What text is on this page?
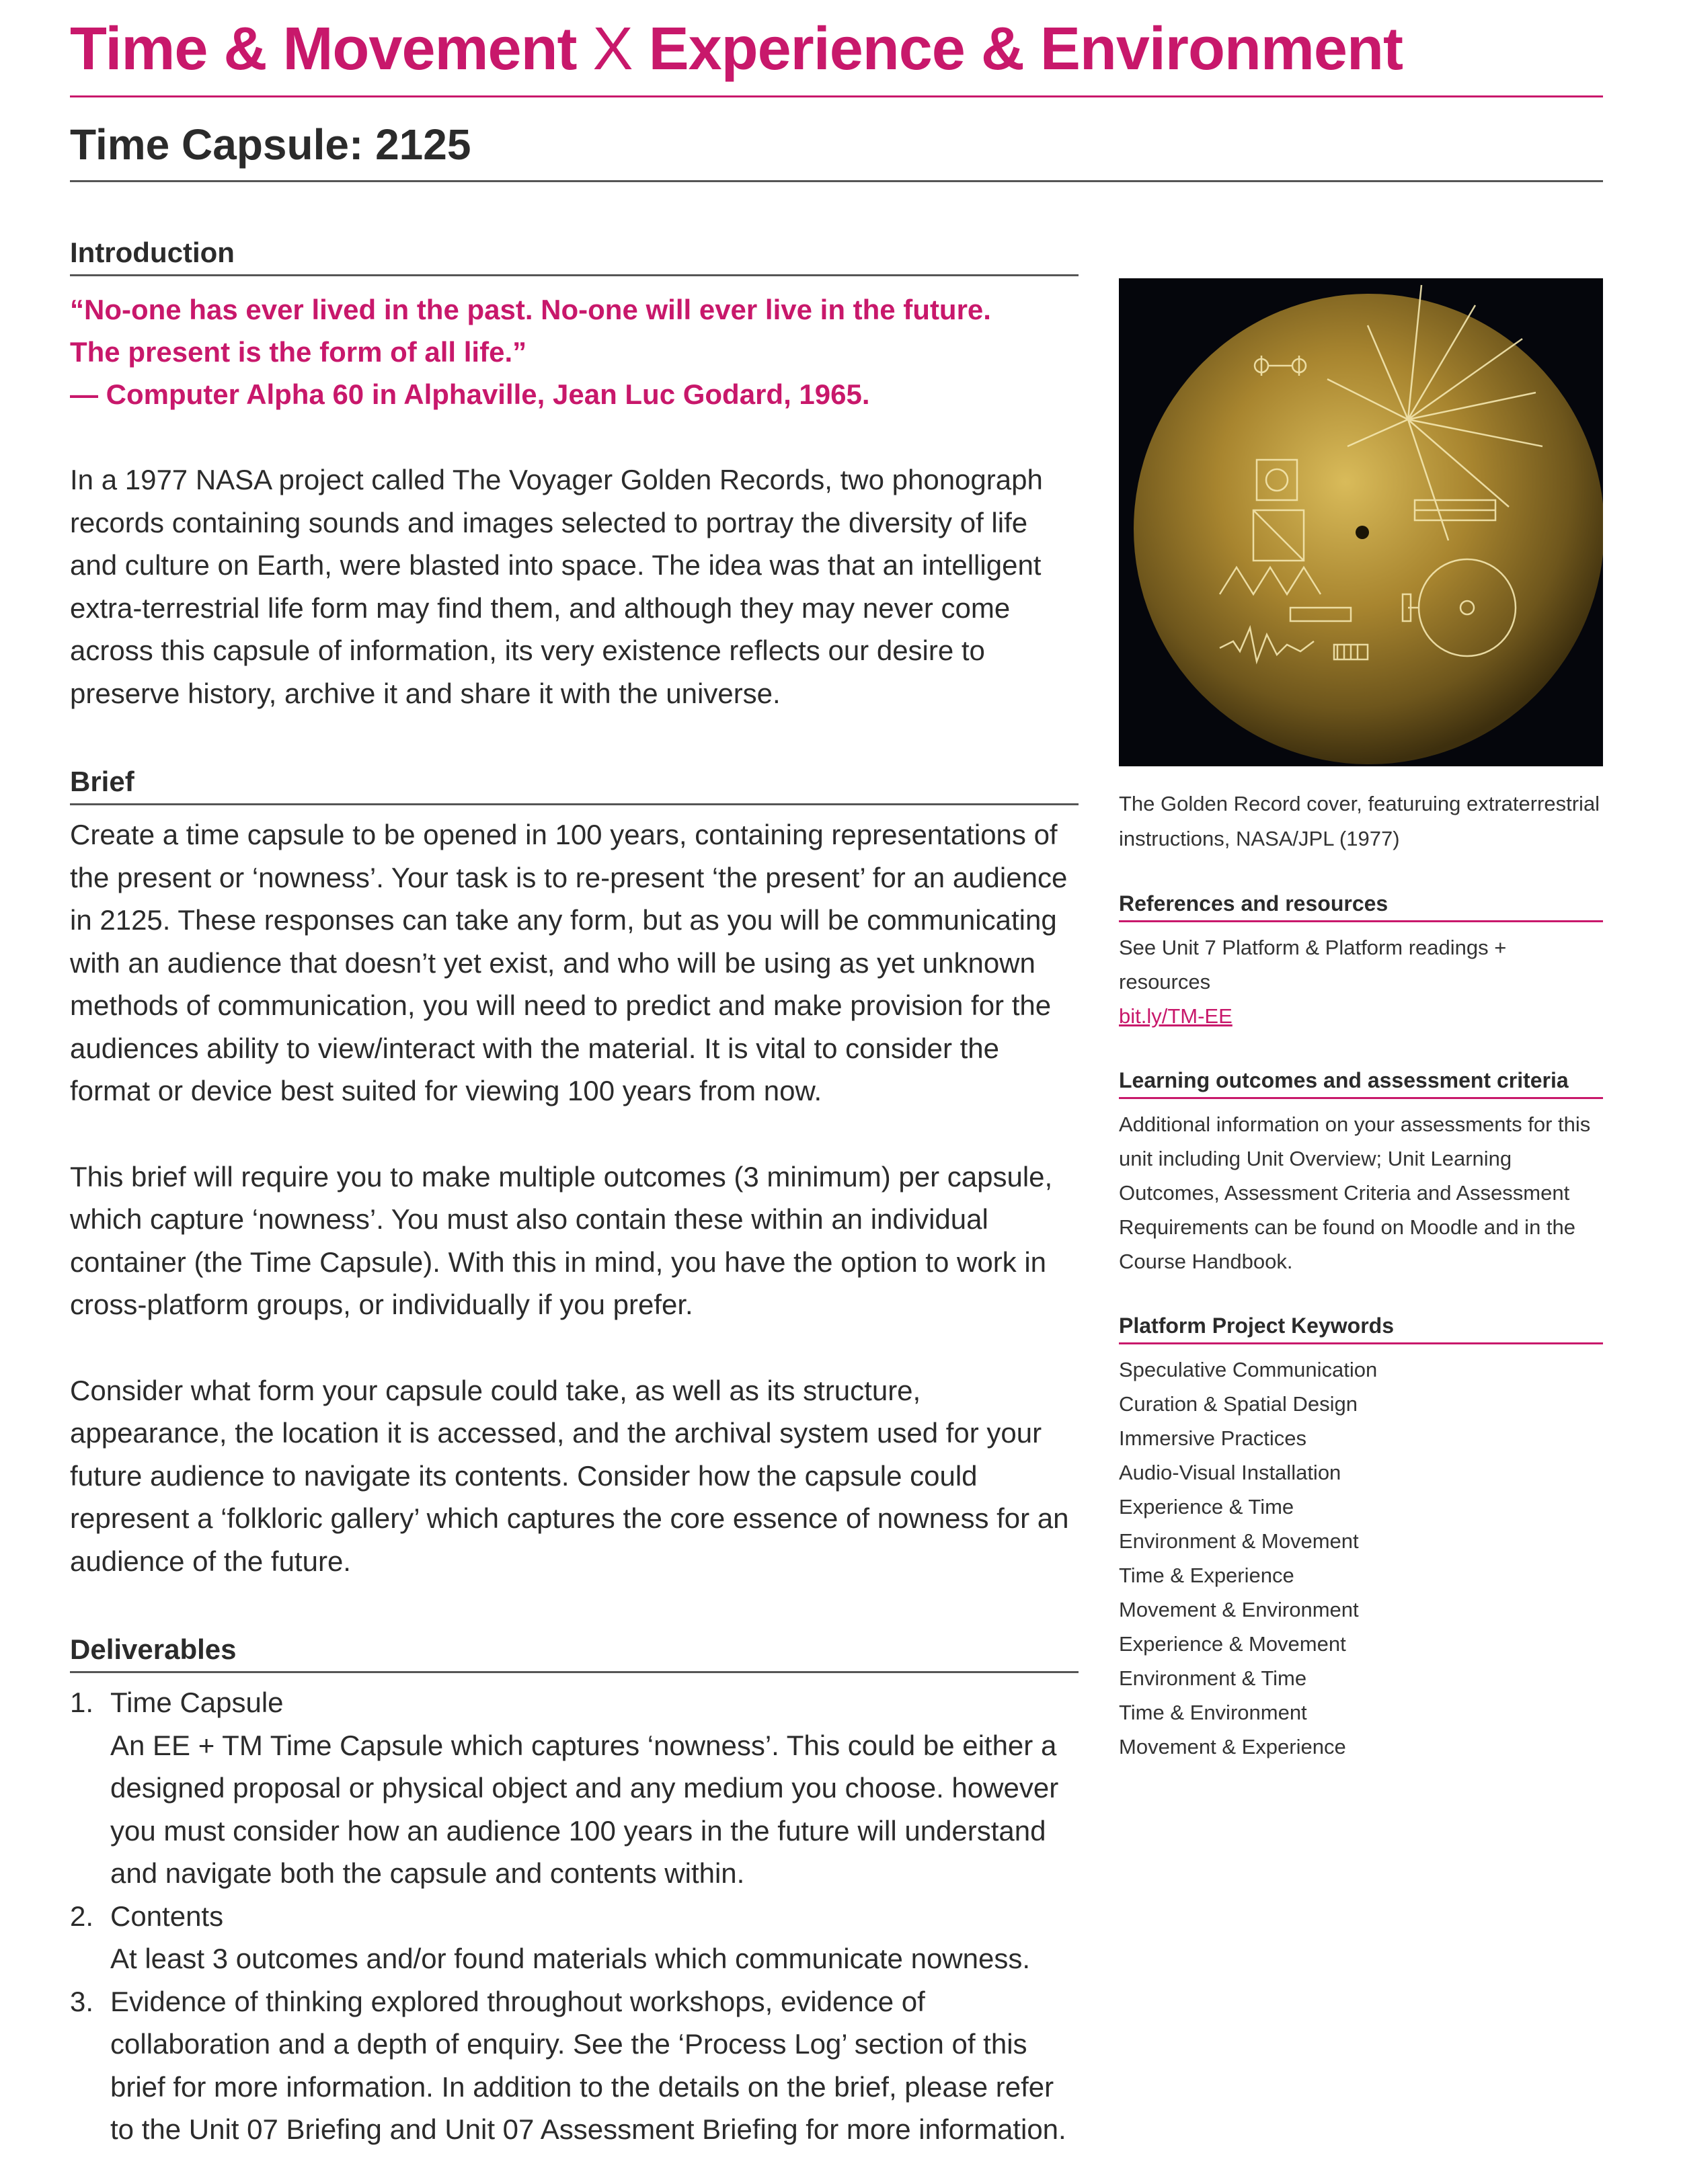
Time & Movement X Experience & Environment
Time Capsule: 2125
Introduction

“No-one has ever lived in the past. No-one will ever live in the future.
The present is the form of all life.”
— Computer Alpha 60 in Alphaville, Jean Luc Godard, 1965.

In a 1977 NASA project called The Voyager Golden Records, two phonograph records containing sounds and images selected to portray the diversity of life and culture on Earth, were blasted into space. The idea was that an intelligent extra-terrestrial life form may find them, and although they may never come across this capsule of information, its very existence reflects our desire to preserve history, archive it and share it with the universe.

Brief

Create a time capsule to be opened in 100 years, containing representations of the present or ‘nowness’. Your task is to re-present ‘the present’ for an audience in 2125. These responses can take any form, but as you will be communicating with an audience that doesn’t yet exist, and who will be using as yet unknown methods of communication, you will need to predict and make provision for the audiences ability to view/interact with the material. It is vital to consider the format or device best suited for viewing 100 years from now.

This brief will require you to make multiple outcomes (3 minimum) per capsule, which capture ‘nowness’. You must also contain these within an individual container (the Time Capsule). With this in mind, you have the option to work in cross-platform groups, or individually if you prefer.

Consider what form your capsule could take, as well as its structure, appearance, the location it is accessed, and the archival system used for your future audience to navigate its contents. Consider how the capsule could represent a ‘folkloric gallery’ which captures the core essence of nowness for an audience of the future.

Deliverables
1. Time Capsule
An EE + TM Time Capsule which captures ‘nowness’. This could be either a designed proposal or physical object and any medium you choose. however you must consider how an audience 100 years in the future will understand and navigate both the capsule and contents within.
2. Contents
At least 3 outcomes and/or found materials which communicate nowness.
3. Evidence of thinking explored throughout workshops, evidence of collaboration and a depth of enquiry. See the ‘Process Log’ section of this brief for more information. In addition to the details on the brief, please refer to the Unit 07 Briefing and Unit 07 Assessment Briefing for more information.

The Golden Record cover, featuruing extraterrestrial instructions, NASA/JPL (1977)

References and resources

See Unit 7 Platform & Platform readings + resources
bit.ly/TM-EE

Learning outcomes and assessment criteria

Additional information on your assessments for this unit including Unit Overview; Unit Learning Outcomes, Assessment Criteria and Assessment Requirements can be found on Moodle and in the Course Handbook.

Platform Project Keywords
Speculative Communication
Curation & Spatial Design
Immersive Practices
Audio-Visual Installation
Experience & Time
Environment & Movement
Time & Experience
Movement & Environment
Experience & Movement
Environment & Time
Time & Environment
Movement & Experience
